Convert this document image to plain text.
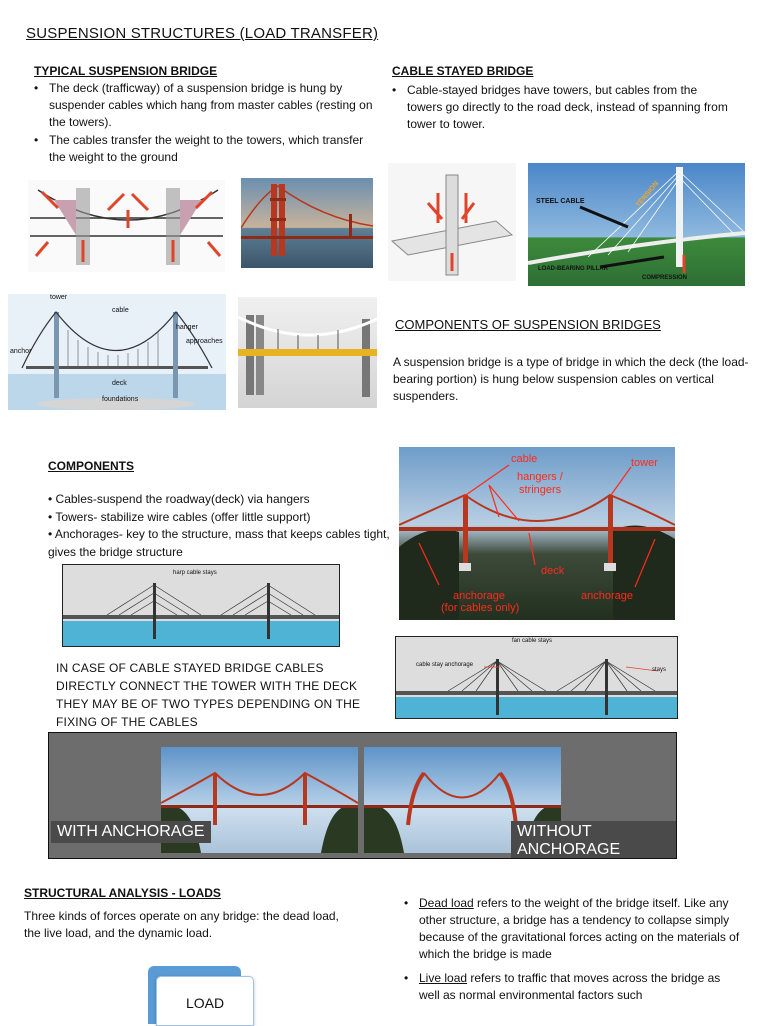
SUSPENSION STRUCTURES (LOAD TRANSFER)
TYPICAL SUSPENSION BRIDGE
• The deck (trafficway) of a suspension bridge is hung by suspender cables which hang from master cables (resting on the towers).
• The cables transfer the weight to the towers, which transfer the weight to the ground
CABLE STAYED BRIDGE
• Cable-stayed bridges have towers, but cables from the towers go directly to the road deck, instead of spanning from tower to tower.
STEEL CABLE	TENSION
LOAD-BEARING PILLAR
COMPRESSION
tower
cable
hanger
approaches
anchor
deck
foundations
COMPONENTS OF SUSPENSION BRIDGES
A suspension bridge is a type of bridge in which the deck (the load-bearing portion) is hung below suspension cables on vertical suspenders.
COMPONENTS
• Cables-suspend the roadway(deck) via hangers
• Towers- stabilize wire cables (offer little support)
• Anchorages- key to the structure, mass that keeps cables tight, gives the bridge structure
cable
hangers /
stringers
tower
deck
anchorage
(for cables only)
anchorage
harp cable stays
fan cable stays
cable stay anchorage
stays
IN CASE OF CABLE STAYED BRIDGE CABLES DIRECTLY CONNECT THE TOWER WITH THE DECK THEY MAY BE OF TWO TYPES DEPENDING ON THE FIXING OF THE CABLES
WITH ANCHORAGE	WITHOUT ANCHORAGE
STRUCTURAL ANALYSIS - LOADS
Three kinds of forces operate on any bridge: the dead load, the live load, and the dynamic load.
LOAD
• Dead load refers to the weight of the bridge itself. Like any other structure, a bridge has a tendency to collapse simply because of the gravitational forces acting on the materials of which the bridge is made
• Live load refers to traffic that moves across the bridge as well as normal environmental factors such
